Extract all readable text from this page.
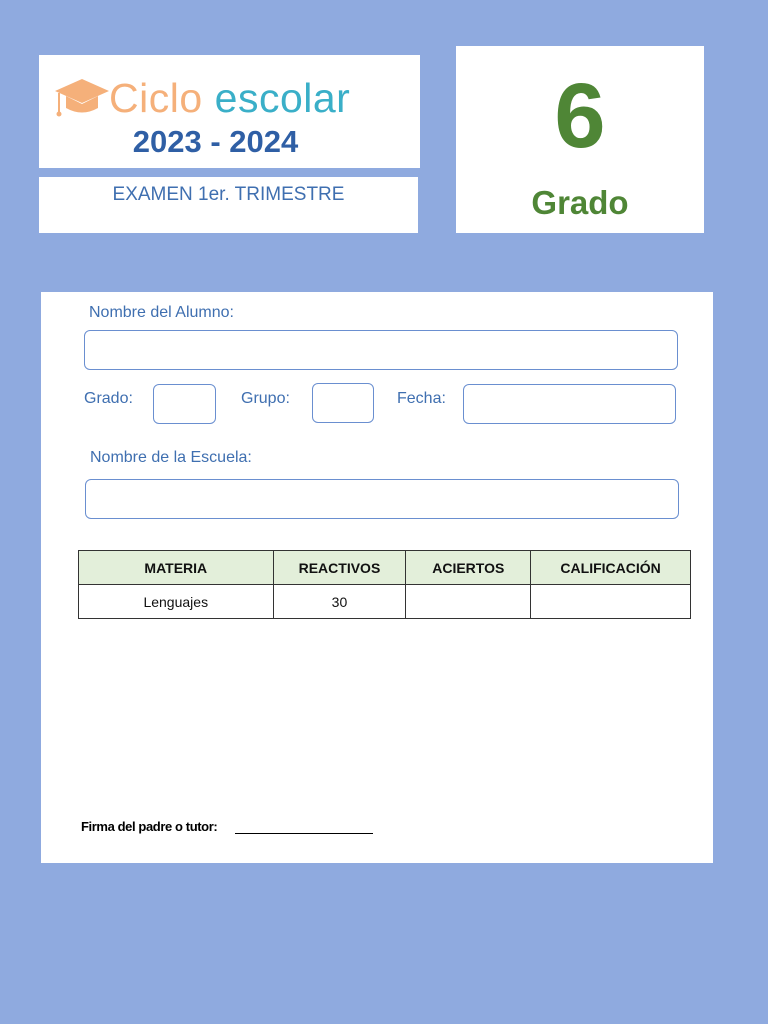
Ciclo escolar
2023 - 2024
EXAMEN 1er. TRIMESTRE
6
Grado
Nombre del Alumno:
Grado:	Grupo:	Fecha:
Nombre de la Escuela:
MATERIA	REACTIVOS	ACIERTOS	CALIFICACIÓN
Lenguajes	30		
Firma del padre o tutor:
